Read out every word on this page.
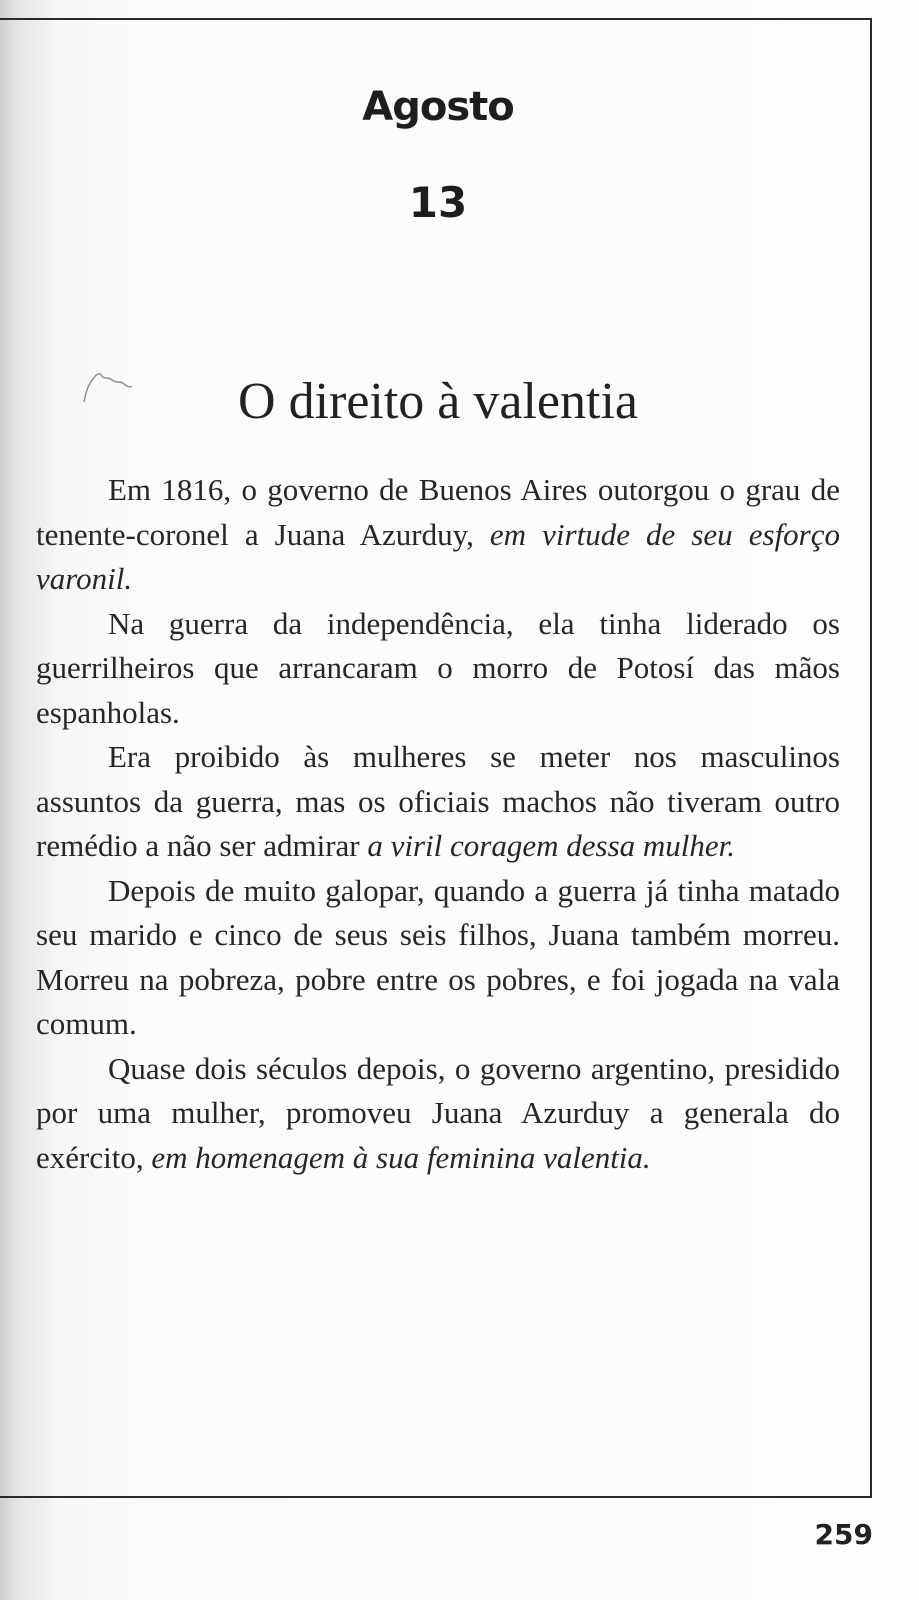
Agosto
13
O direito à valentia

Em 1816, o governo de Buenos Aires outorgou o grau de tenente-coronel a Juana Azurduy, em virtude de seu esforço varonil.

Na guerra da independência, ela tinha liderado os guerrilheiros que arrancaram o morro de Potosí das mãos espanholas.

Era proibido às mulheres se meter nos masculinos assuntos da guerra, mas os oficiais machos não tiveram outro remédio a não ser admirar a viril coragem dessa mulher.

Depois de muito galopar, quando a guerra já tinha matado seu marido e cinco de seus seis filhos, Juana também morreu. Morreu na pobreza, pobre entre os pobres, e foi jogada na vala comum.

Quase dois séculos depois, o governo argentino, presidido por uma mulher, promoveu Juana Azurduy a generala do exército, em homenagem à sua feminina valentia.

259
